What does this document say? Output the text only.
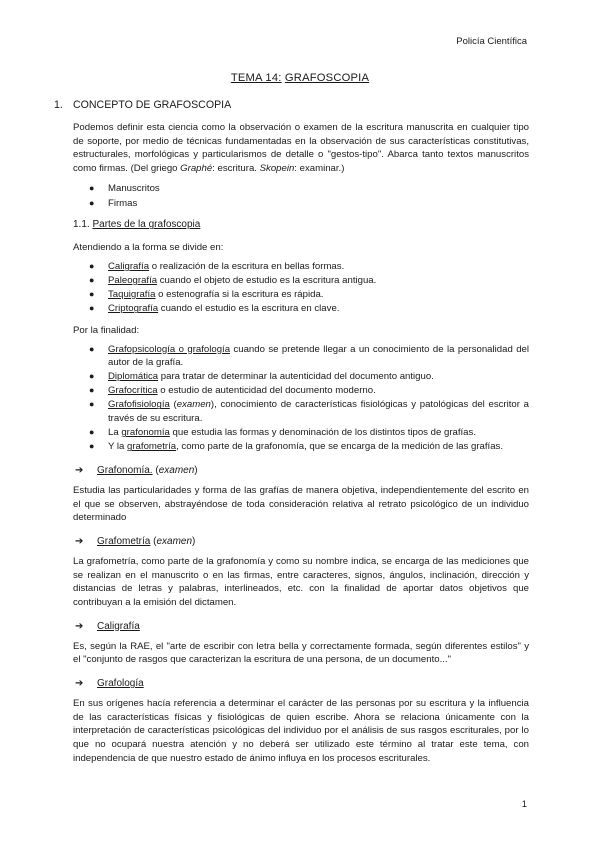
Policía Científica
TEMA 14: GRAFOSCOPIA
1. CONCEPTO DE GRAFOSCOPIA

Podemos definir esta ciencia como la observación o examen de la escritura manuscrita en cualquier tipo de soporte, por medio de técnicas fundamentadas en la observación de sus características constitutivas, estructurales, morfológicas y particularismos de detalle o "gestos-tipo". Abarca tanto textos manuscritos como firmas. (Del griego Graphé: escritura. Skopein: examinar.)

● Manuscritos
● Firmas
1.1. Partes de la grafoscopia

Atendiendo a la forma se divide en:

● Caligrafía o realización de la escritura en bellas formas.
● Paleografía cuando el objeto de estudio es la escritura antigua.
● Taquigrafía o estenografía si la escritura es rápida.
● Criptografía cuando el estudio es la escritura en clave.

Por la finalidad:

● Grafopsicología o grafología cuando se pretende llegar a un conocimiento de la personalidad del autor de la grafía.
● Diplomática para tratar de determinar la autenticidad del documento antiguo.
● Grafocrítica o estudio de autenticidad del documento moderno.
● Grafofisiología (examen), conocimiento de características fisiológicas y patológicas del escritor a través de su escritura.
● La grafonomía que estudia las formas y denominación de los distintos tipos de grafías.
● Y la grafometría, como parte de la grafonomía, que se encarga de la medición de las grafías.
➔ Grafonomía. (examen)

Estudia las particularidades y forma de las grafías de manera objetiva, independientemente del escrito en el que se observen, abstrayéndose de toda consideración relativa al retrato psicológico de un individuo determinado

➔ Grafometría (examen)

La grafometría, como parte de la grafonomía y como su nombre indica, se encarga de las mediciones que se realizan en el manuscrito o en las firmas, entre caracteres, signos, ángulos, inclinación, dirección y distancias de letras y palabras, interlineados, etc. con la finalidad de aportar datos objetivos que contribuyan a la emisión del dictamen.

➔ Caligrafía

Es, según la RAE, el "arte de escribir con letra bella y correctamente formada, según diferentes estilos" y el "conjunto de rasgos que caracterizan la escritura de una persona, de un documento..."

➔ Grafología

En sus orígenes hacía referencia a determinar el carácter de las personas por su escritura y la influencia de las características físicas y fisiológicas de quien escribe. Ahora se relaciona únicamente con la interpretación de características psicológicas del individuo por el análisis de sus rasgos escriturales, por lo que no ocupará nuestra atención y no deberá ser utilizado este término al tratar este tema, con independencia de que nuestro estado de ánimo influya en los procesos escriturales.

1
